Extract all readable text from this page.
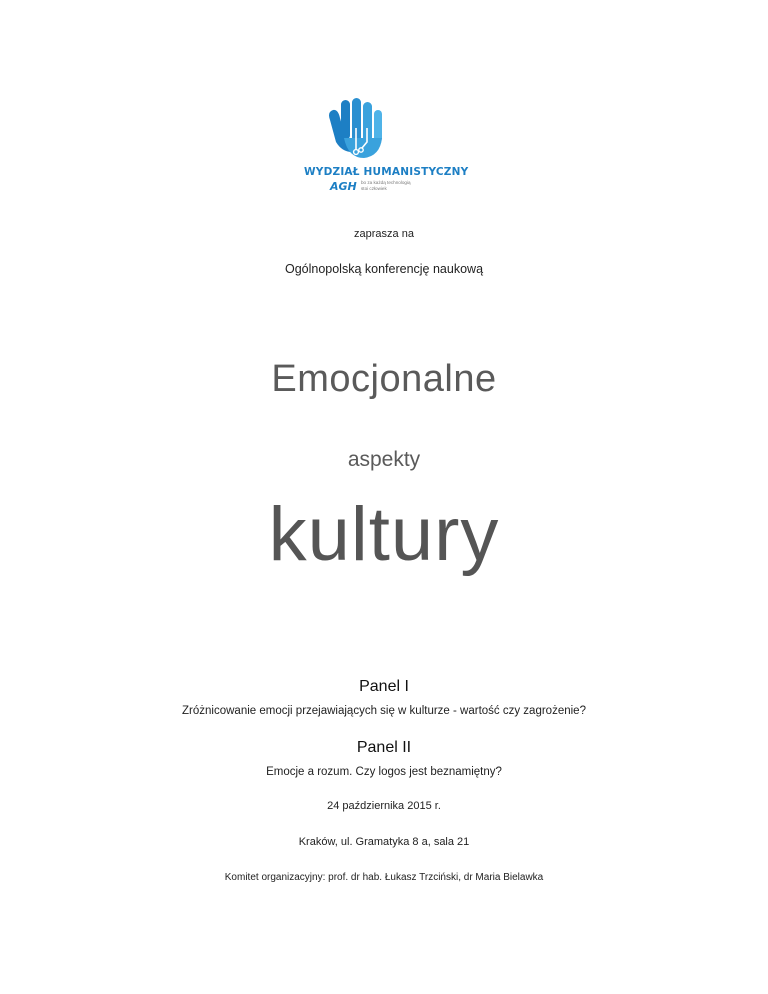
WYDZIAŁ HUMANISTYCZNY
AGH bo za każdą technologią
stoi człowiek
zaprasza na
Ogólnopolską konferencję naukową
Emocjonalne
aspekty
kultury
Panel I
Zróżnicowanie emocji przejawiających się w kulturze - wartość czy zagrożenie?
Panel II
Emocje a rozum. Czy logos jest beznamiętny?
24 października 2015 r.
Kraków, ul. Gramatyka 8 a, sala 21
Komitet organizacyjny: prof. dr hab. Łukasz Trzciński, dr Maria Bielawka
